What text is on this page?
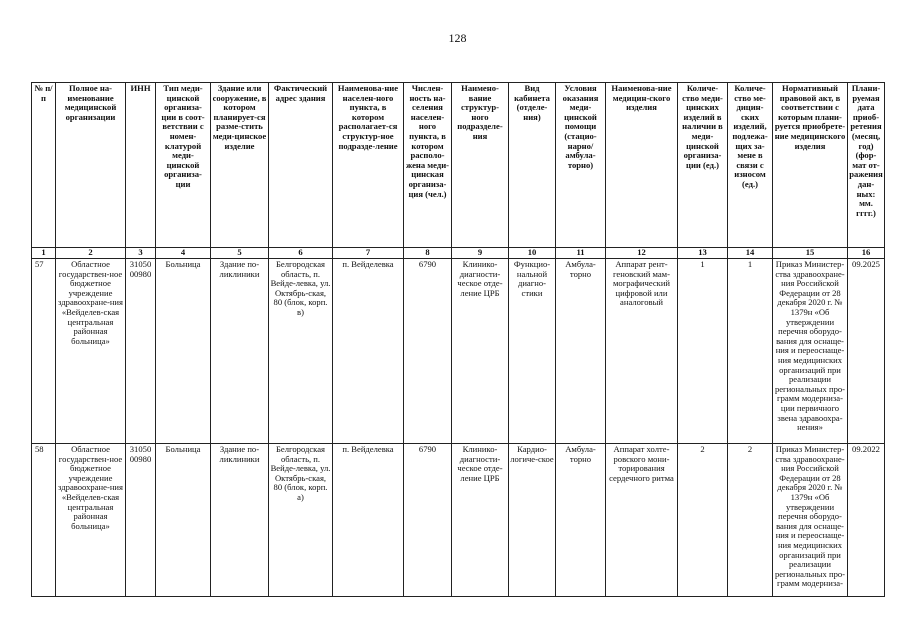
128
№ п/п	Полное на-именование медицинской организации	ИНН	Тип меди-цинской организа-ции в соот-ветствии с номен-клатурой меди-цинской организа-ции	Здание или сооружение, в котором планирует-ся разме-стить меди-цинское изделие	Фактический адрес здания	Наименова-ние населен-ного пункта, в котором располагает-ся структур-ное подразде-ление	Числен-ность на-селения населен-ного пункта, в котором располо-жена меди-цинская организа-ция (чел.)	Наимено-вание структур-ного подразделе-ния	Вид кабинета (отделе-ния)	Условия оказания меди-цинской помощи (стацио-нарно/ амбула-торно)	Наименова-ние медицин-ского изделия	Количе-ство меди-цинских изделий в наличии в меди-цинской организа-ции (ед.)	Количе-ство ме-дицин-ских изделий, подлежа-щих за-мене в связи с износом (ед.)	Нормативный правовой акт, в соответствии с которым плани-руется приобрете-ние медицинского изделия	Плани-руемая дата приоб-ретения (месяц, год) (фор-мат от-ражения дан-ных: мм. гггг.)
1	2	3	4	5	6	7	8	9	10	11	12	13	14	15	16
57	Областное государствен-ное бюджетное учреждение здравоохране-ния «Вейделев-ская центральная районная больница»	31050 00980	Больница	Здание по-ликлиники	Белгородская область, п. Вейде-левка, ул. Октябрь-ская, 80 (блок, корп. в)	п. Вейделевка	6790	Клинико-диагности-ческое отде-ление ЦРБ	Функцио-нальной диагно-стики	Амбула-торно	Аппарат рент-геновский мам-мографический цифровой или аналоговый	1	1	Приказ Министер-ства здравоохране-ния Российской Федерации от 28 декабря 2020 г. № 1379н «Об утверждении перечня оборудо-вания для оснаще-ния и переоснаще-ния медицинских организаций при реализации региональных про-грамм модерниза-ции первичного звена здравоохра-нения»	09.2025
58	Областное государствен-ное бюджетное учреждение здравоохране-ния «Вейделев-ская центральная районная больница»	31050 00980	Больница	Здание по-ликлиники	Белгородская область, п. Вейде-левка, ул. Октябрь-ская, 80 (блок, корп. а)	п. Вейделевка	6790	Клинико-диагности-ческое отде-ление ЦРБ	Кардио-логиче-ское	Амбула-торно	Аппарат холте-ровского мони-торирования сердечного ритма	2	2	Приказ Министер-ства здравоохране-ния Российской Федерации от 28 декабря 2020 г. № 1379н «Об утверждении перечня оборудо-вания для оснаще-ния и переоснаще-ния медицинских организаций при реализации региональных про-грамм модерниза-	09.2022
